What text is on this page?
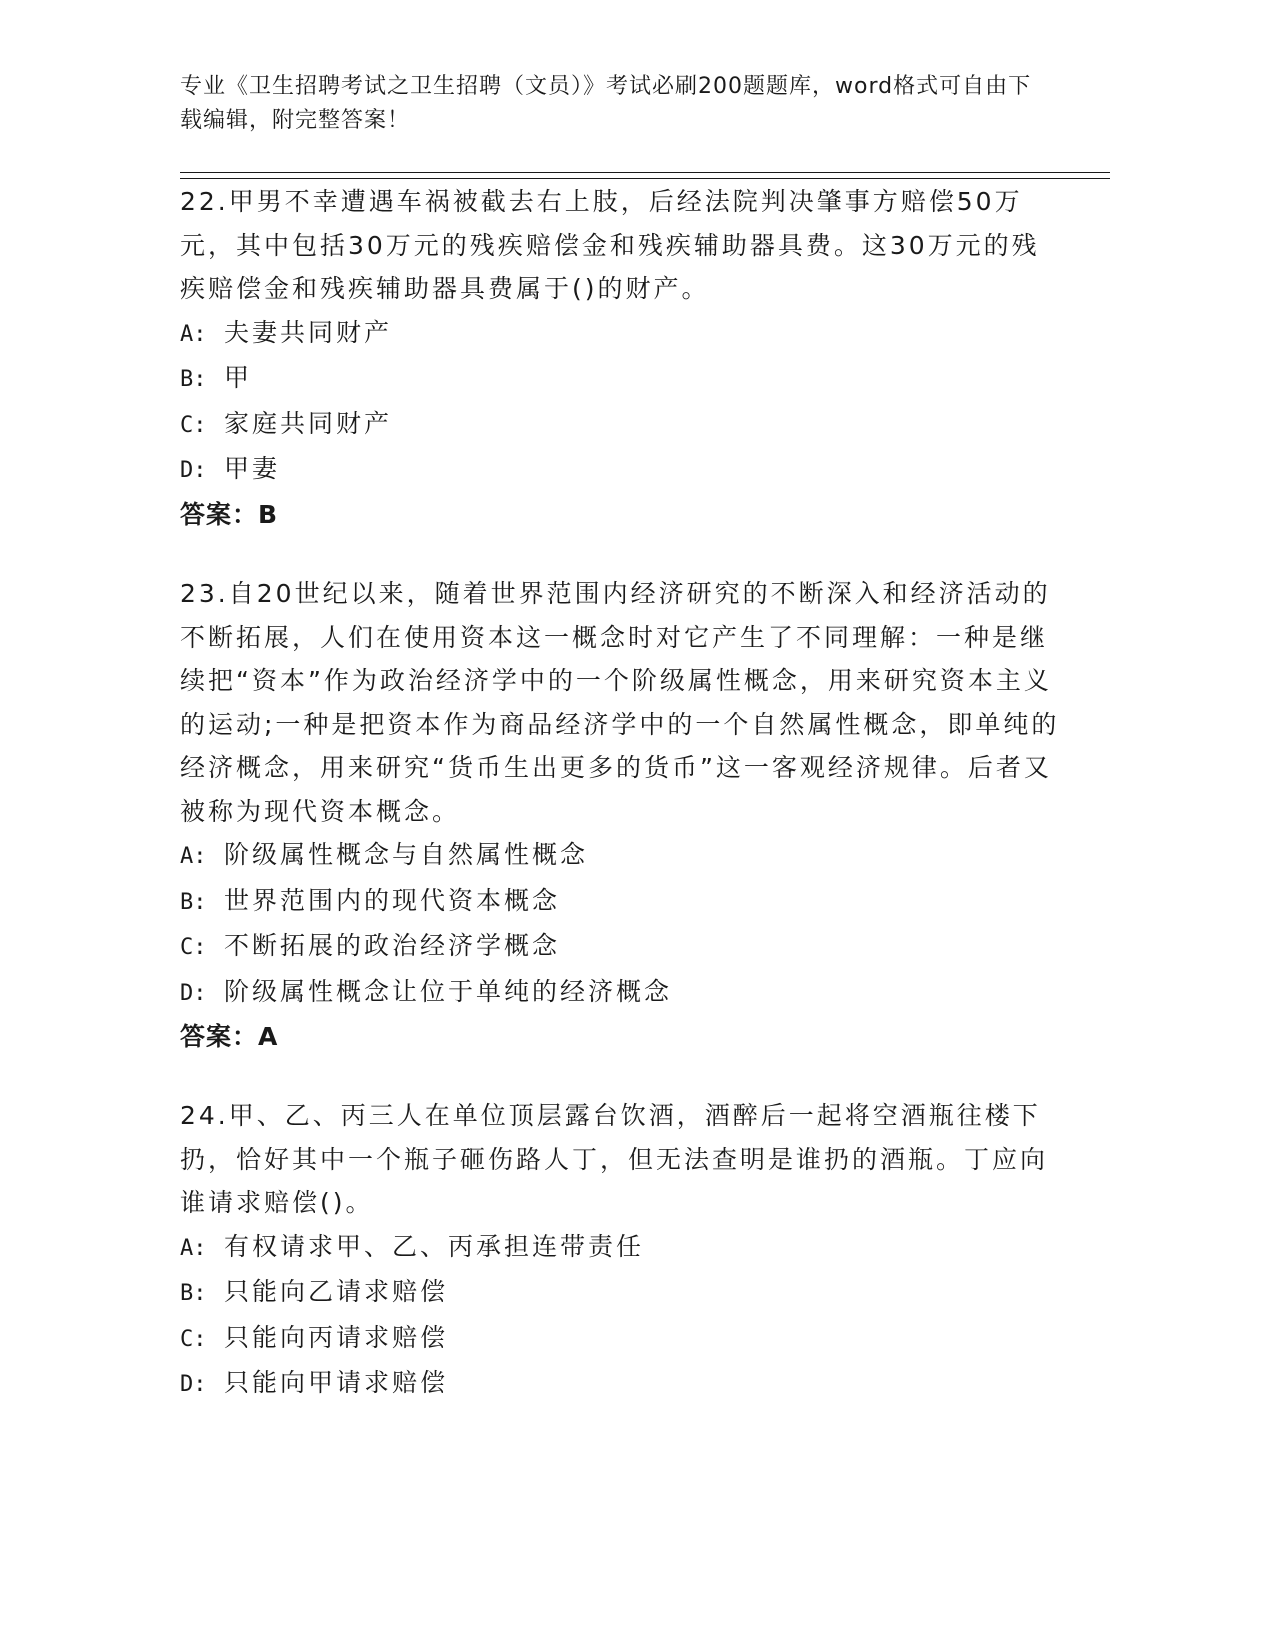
专业《卫生招聘考试之卫生招聘（文员）》考试必刷200题题库，word格式可自由下载编辑，附完整答案！

22.甲男不幸遭遇车祸被截去右上肢，后经法院判决肇事方赔偿50万元，其中包括30万元的残疾赔偿金和残疾辅助器具费。这30万元的残疾赔偿金和残疾辅助器具费属于()的财产。

A: 夫妻共同财产

B: 甲

C: 家庭共同财产

D: 甲妻

答案：B

23.自20世纪以来，随着世界范围内经济研究的不断深入和经济活动的不断拓展，人们在使用资本这一概念时对它产生了不同理解：一种是继续把“资本”作为政治经济学中的一个阶级属性概念，用来研究资本主义的运动;一种是把资本作为商品经济学中的一个自然属性概念，即单纯的经济概念，用来研究“货币生出更多的货币”这一客观经济规律。后者又被称为现代资本概念。

A: 阶级属性概念与自然属性概念

B: 世界范围内的现代资本概念

C: 不断拓展的政治经济学概念

D: 阶级属性概念让位于单纯的经济概念

答案：A

24.甲、乙、丙三人在单位顶层露台饮酒，酒醉后一起将空酒瓶往楼下扔，恰好其中一个瓶子砸伤路人丁，但无法查明是谁扔的酒瓶。丁应向谁请求赔偿()。

A: 有权请求甲、乙、丙承担连带责任

B: 只能向乙请求赔偿

C: 只能向丙请求赔偿

D: 只能向甲请求赔偿
